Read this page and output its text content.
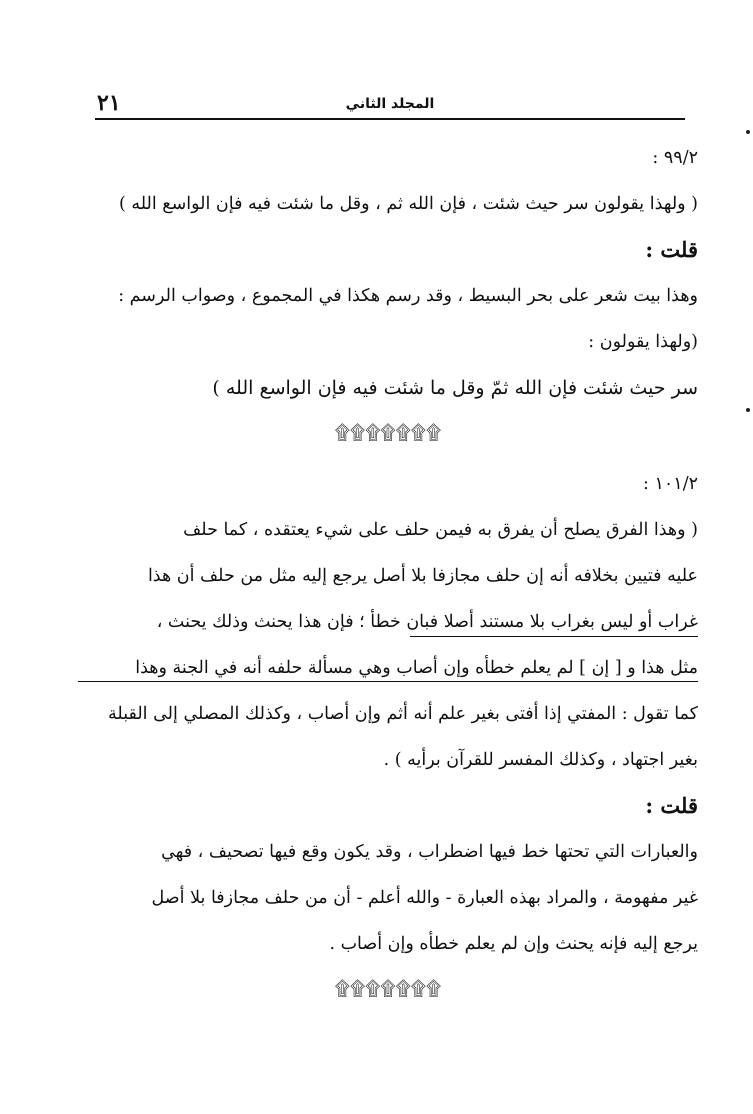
٢١	المجلد الثاني

٩٩/٢ :

( ولهذا يقولون سر حيث شئت ، فإن الله ثم ، وقل ما شئت فيه فإن الواسع الله )

قلت :

وهذا بيت شعر على بحر البسيط ، وقد رسم هكذا في المجموع ، وصواب الرسم :

(ولهذا يقولون :

سر حيث شئت فإن الله ثمّ وقل ما شئت فيه فإن الواسع الله )

۩۩۩۩۩۩۩

١٠١/٢ :

( وهذا الفرق يصلح أن يفرق به فيمن حلف على شيء يعتقده ، كما حلف

عليه فتيين بخلافه أنه إن حلف مجازفا بلا أصل يرجع إليه مثل من حلف أن هذا

غراب أو ليس بغراب بلا مستند أصلا فبان خطأ ؛ فإن هذا يحنث وذلك يحنث ،

مثل هذا و [ إن ] لم يعلم خطأه وإن أصاب وهي مسألة حلفه أنه في الجنة وهذا

كما تقول : المفتي إذا أفتى بغير علم أنه أثم وإن أصاب ، وكذلك المصلي إلى القبلة

بغير اجتهاد ، وكذلك المفسر للقرآن برأيه ) .

قلت :

والعبارات التي تحتها خط فيها اضطراب ، وقد يكون وقع فيها تصحيف ، فهي

غير مفهومة ، والمراد بهذه العبارة - والله أعلم - أن من حلف مجازفا بلا أصل

يرجع إليه فإنه يحنث وإن لم يعلم خطأه وإن أصاب .

۩۩۩۩۩۩۩
